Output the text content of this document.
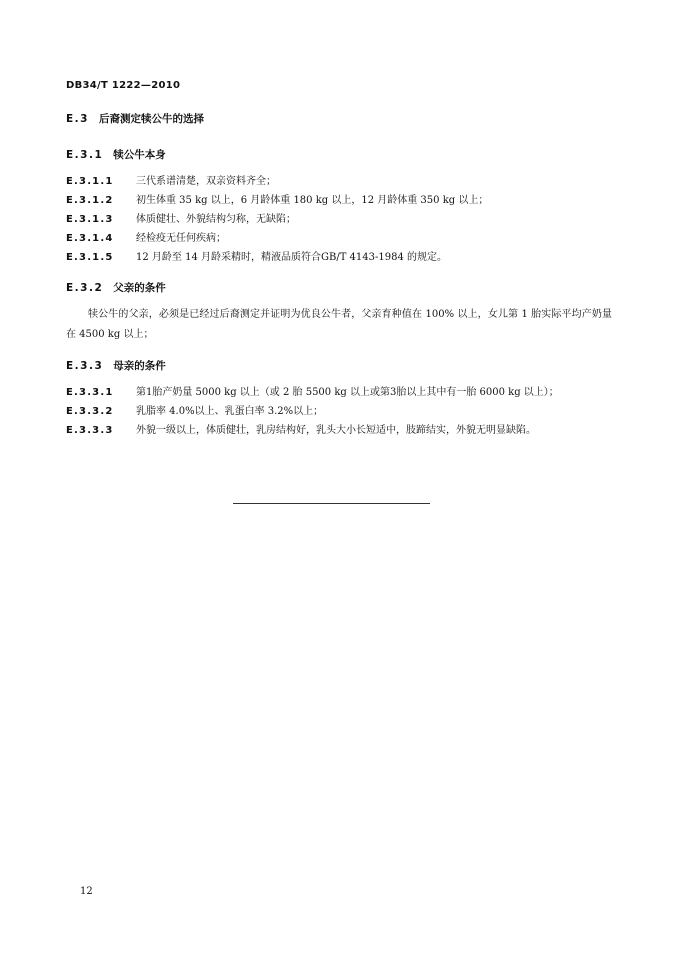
DB34/T 1222—2010
E.3 后裔测定犊公牛的选择
E.3.1 犊公牛本身
E.3.1.1 三代系谱清楚，双亲资料齐全；
E.3.1.2 初生体重 35 kg 以上，6 月龄体重 180 kg 以上，12 月龄体重 350 kg 以上；
E.3.1.3 体质健壮、外貌结构匀称，无缺陷；
E.3.1.4 经检疫无任何疾病；
E.3.1.5 12 月龄至 14 月龄采精时，精液品质符合GB/T 4143-1984 的规定。
E.3.2 父亲的条件
犊公牛的父亲，必须是已经过后裔测定并证明为优良公牛者，父亲育种值在 100% 以上，女儿第 1 胎实际平均产奶量在 4500 kg 以上；
E.3.3 母亲的条件
E.3.3.1 第1胎产奶量 5000 kg 以上（或 2 胎 5500 kg 以上或第3胎以上其中有一胎 6000 kg 以上）；
E.3.3.2 乳脂率 4.0%以上、乳蛋白率 3.2%以上；
E.3.3.3 外貌一级以上，体质健壮，乳房结构好，乳头大小长短适中，肢蹄结实，外貌无明显缺陷。
12
